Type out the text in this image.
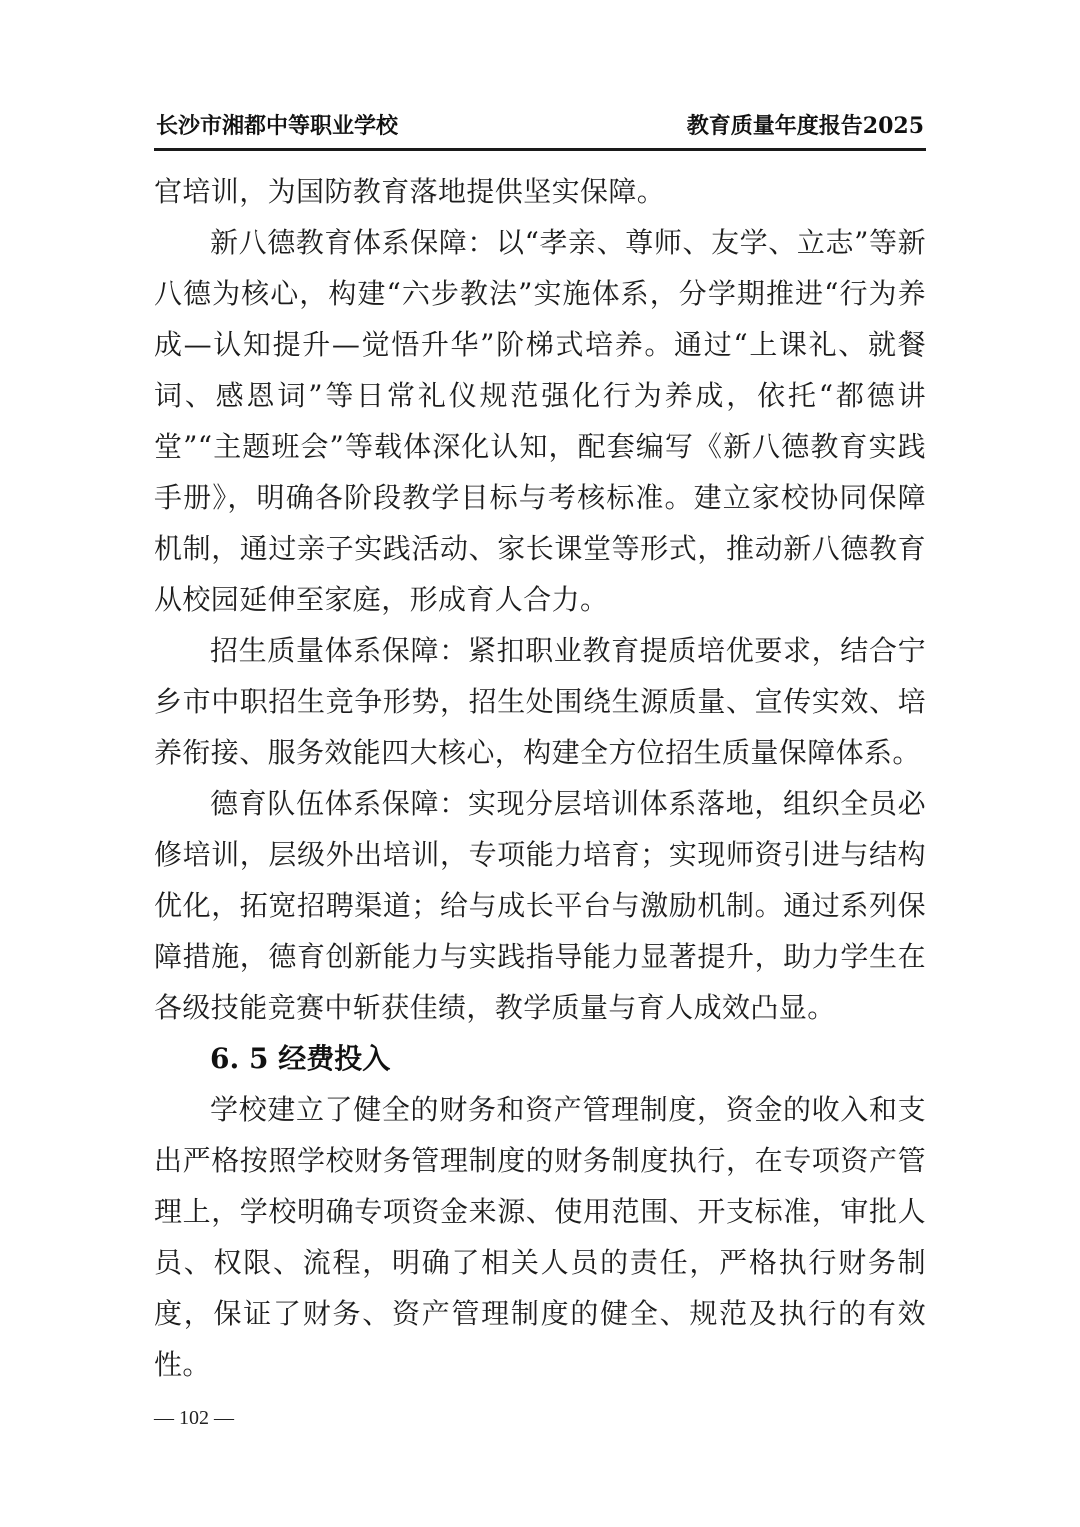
长沙市湘都中等职业学校	教育质量年度报告2025

官培训，为国防教育落地提供坚实保障。

新八德教育体系保障：以“孝亲、尊师、友学、立志”等新八德为核心，构建“六步教法”实施体系，分学期推进“行为养成—认知提升—觉悟升华”阶梯式培养。通过“上课礼、就餐词、感恩词”等日常礼仪规范强化行为养成，依托“都德讲堂”“主题班会”等载体深化认知，配套编写《新八德教育实践手册》，明确各阶段教学目标与考核标准。建立家校协同保障机制，通过亲子实践活动、家长课堂等形式，推动新八德教育从校园延伸至家庭，形成育人合力。

招生质量体系保障：紧扣职业教育提质培优要求，结合宁乡市中职招生竞争形势，招生处围绕生源质量、宣传实效、培养衔接、服务效能四大核心，构建全方位招生质量保障体系。

德育队伍体系保障：实现分层培训体系落地，组织全员必修培训，层级外出培训，专项能力培育；实现师资引进与结构优化，拓宽招聘渠道；给与成长平台与激励机制。通过系列保障措施，德育创新能力与实践指导能力显著提升，助力学生在各级技能竞赛中斩获佳绩，教学质量与育人成效凸显。

6. 5 经费投入

学校建立了健全的财务和资产管理制度，资金的收入和支出严格按照学校财务管理制度的财务制度执行，在专项资产管理上，学校明确专项资金来源、使用范围、开支标准，审批人员、权限、流程，明确了相关人员的责任，严格执行财务制度，保证了财务、资产管理制度的健全、规范及执行的有效性。

— 102 —
